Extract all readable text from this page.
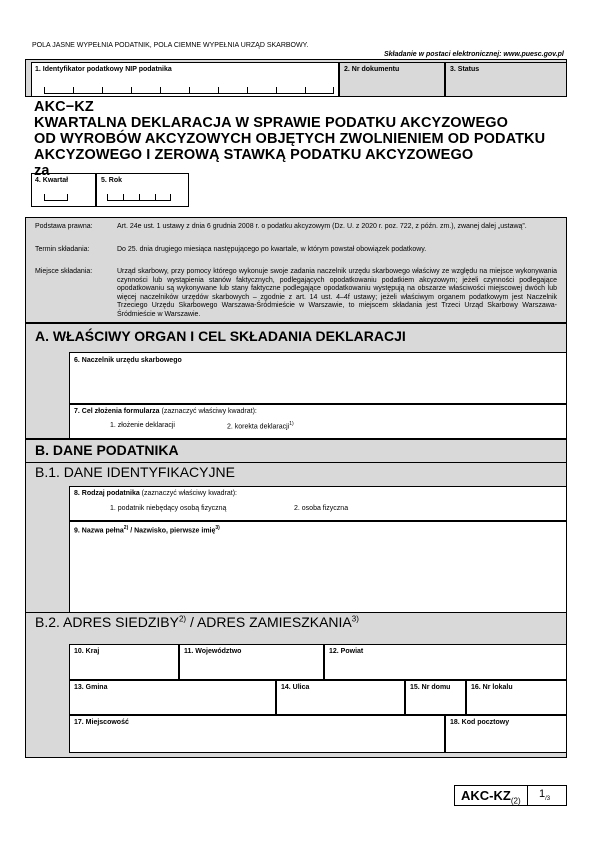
POLA JASNE WYPEŁNIA PODATNIK, POLA CIEMNE WYPEŁNIA URZĄD SKARBOWY.
Składanie w postaci elektronicznej: www.puesc.gov.pl
1. Identyfikator podatkowy NIP podatnika	2. Nr dokumentu	3. Status
AKC−KZ
KWARTALNA DEKLARACJA W SPRAWIE PODATKU AKCYZOWEGO
OD WYROBÓW AKCYZOWYCH OBJĘTYCH ZWOLNIENIEM OD PODATKU
AKCYZOWEGO I ZEROWĄ STAWKĄ PODATKU AKCYZOWEGO
za
4. Kwartał	5. Rok
Podstawa prawna:	Art. 24e ust. 1 ustawy z dnia 6 grudnia 2008 r. o podatku akcyzowym (Dz. U. z 2020 r. poz. 722, z późn. zm.), zwanej dalej „ustawą”.
Termin składania:	Do 25. dnia drugiego miesiąca następującego po kwartale, w którym powstał obowiązek podatkowy.
Miejsce składania:	Urząd skarbowy, przy pomocy którego wykonuje swoje zadania naczelnik urzędu skarbowego właściwy ze względu na miejsce wykonywania czynności lub wystąpienia stanów faktycznych, podlegających opodatkowaniu podatkiem akcyzowym; jeżeli czynności podlegające opodatkowaniu są wykonywane lub stany faktyczne podlegające opodatkowaniu występują na obszarze właściwości miejscowej dwóch lub więcej naczelników urzędów skarbowych – zgodnie z art. 14 ust. 4–4f ustawy; jeżeli właściwym organem podatkowym jest Naczelnik Trzeciego Urzędu Skarbowego Warszawa-Śródmieście w Warszawie, to miejscem składania jest Trzeci Urząd Skarbowy Warszawa-Śródmieście w Warszawie.
A. WŁAŚCIWY ORGAN I CEL SKŁADANIA DEKLARACJI
6. Naczelnik urzędu skarbowego
7. Cel złożenia formularza (zaznaczyć właściwy kwadrat):
1. złożenie deklaracji	2. korekta deklaracji$^{1)}$
B. DANE PODATNIKA
B.1. DANE IDENTYFIKACYJNE
8. Rodzaj podatnika (zaznaczyć właściwy kwadrat):
1. podatnik niebędący osobą fizyczną	2. osoba fizyczna
9. Nazwa pełna$^{2)}$ / Nazwisko, pierwsze imię$^{3)}$
B.2. ADRES SIEDZIBY$^{2)}$ / ADRES ZAMIESZKANIA$^{3)}$
10. Kraj	11. Województwo	12. Powiat
13. Gmina	14. Ulica	15. Nr domu	16. Nr lokalu
17. Miejscowość	18. Kod pocztowy
AKC-$KZ_{(2)}$
$1_{/3}$
